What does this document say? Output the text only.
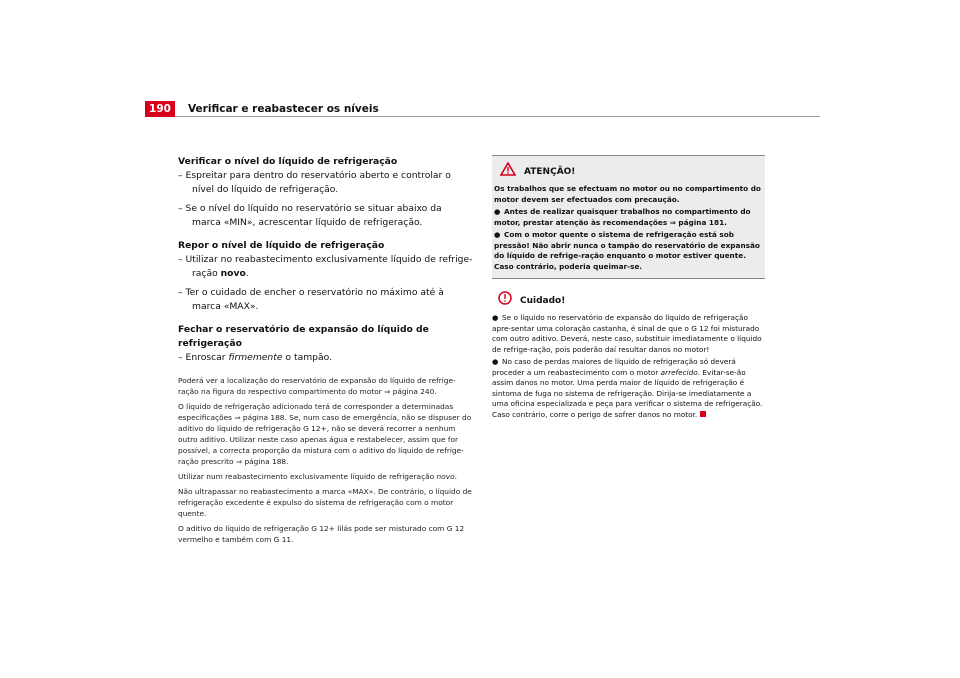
190	Verificar e reabastecer os níveis

Verificar o nível do líquido de refrigeração

– Espreitar para dentro do reservatório aberto e controlar o nível do líquido de refrigeração.

– Se o nível do líquido no reservatório se situar abaixo da marca «MIN», acrescentar líquido de refrigeração.

Repor o nível de líquido de refrigeração

– Utilizar no reabastecimento exclusivamente líquido de refrige-ração novo.

– Ter o cuidado de encher o reservatório no máximo até à marca «MAX».

Fechar o reservatório de expansão do líquido de refrigeração

– Enroscar firmemente o tampão.

Poderá ver a localização do reservatório de expansão do líquido de refrige-ração na figura do respectivo compartimento do motor ⇒ página 240.

O líquido de refrigeração adicionado terá de corresponder a determinadas especificações ⇒ página 188. Se, num caso de emergência, não se dispuser do aditivo do líquido de refrigeração G 12+, não se deverá recorrer a nenhum outro aditivo. Utilizar neste caso apenas água e restabelecer, assim que for possível, a correcta proporção da mistura com o aditivo do líquido de refrige-ração prescrito ⇒ página 188.

Utilizar num reabastecimento exclusivamente líquido de refrigeração novo.

Não ultrapassar no reabastecimento a marca «MAX». De contrário, o líquido de refrigeração excedente é expulso do sistema de refrigeração com o motor quente.

O aditivo do líquido de refrigeração G 12+ lilás pode ser misturado com G 12 vermelho e também com G 11.

ATENÇÃO!

Os trabalhos que se efectuam no motor ou no compartimento do motor devem ser efectuados com precaução.

● Antes de realizar quaisquer trabalhos no compartimento do motor, prestar atenção às recomendações ⇒ página 181.

● Com o motor quente o sistema de refrigeração está sob pressão! Não abrir nunca o tampão do reservatório de expansão do líquido de refrige-ração enquanto o motor estiver quente. Caso contrário, poderia queimar-se.

Cuidado!

● Se o líquido no reservatório de expansão do líquido de refrigeração apre-sentar uma coloração castanha, é sinal de que o G 12 foi misturado com outro aditivo. Deverá, neste caso, substituir imediatamente o líquido de refrige-ração, pois poderão daí resultar danos no motor!

● No caso de perdas maiores de líquido de refrigeração só deverá proceder a um reabastecimento com o motor arrefecido. Evitar-se-ão assim danos no motor. Uma perda maior de líquido de refrigeração é sintoma de fuga no sistema de refrigeração. Dirija-se imediatamente a uma oficina especializada e peça para verificar o sistema de refrigeração. Caso contrário, corre o perigo de sofrer danos no motor.
